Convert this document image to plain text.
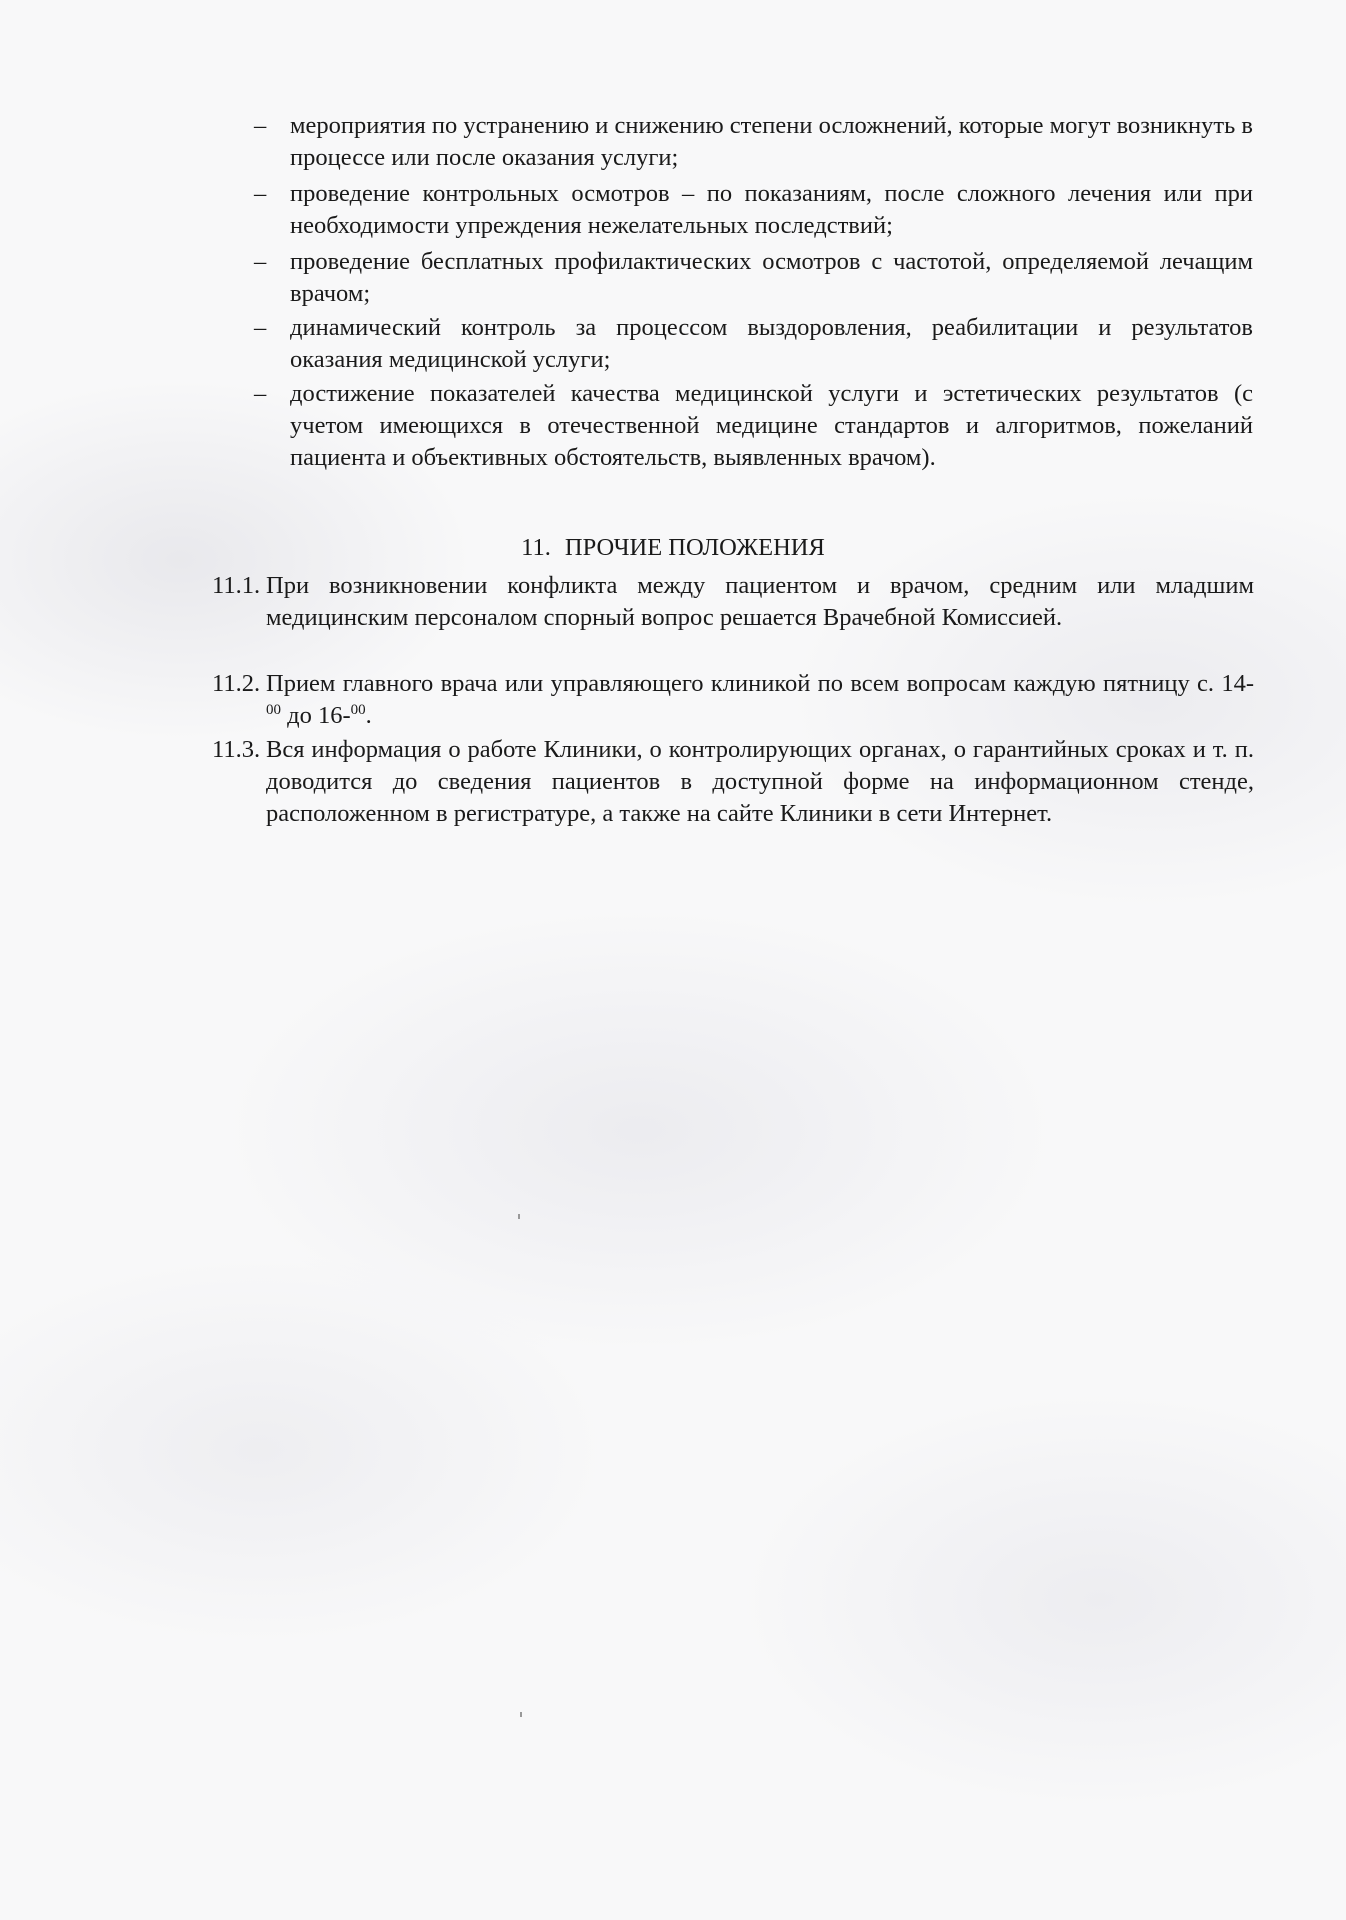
– мероприятия по устранению и снижению степени осложнений, которые могут возникнуть в процессе или после оказания услуги;
– проведение контрольных осмотров – по показаниям, после сложного лечения или при необходимости упреждения нежелательных последствий;
– проведение бесплатных профилактических осмотров с частотой, определяемой лечащим врачом;
– динамический контроль за процессом выздоровления, реабилитации и результатов оказания медицинской услуги;
– достижение показателей качества медицинской услуги и эстетических результатов (с учетом имеющихся в отечественной медицине стандартов и алгоритмов, пожеланий пациента и объективных обстоятельств, выявленных врачом).
11. ПРОЧИЕ ПОЛОЖЕНИЯ
11.1. При возникновении конфликта между пациентом и врачом, средним или младшим медицинским персоналом спорный вопрос решается Врачебной Комиссией.
11.2. Прием главного врача или управляющего клиникой по всем вопросам каждую пятницу с. 14-$^{00}$ до 16-$^{00}$.
11.3. Вся информация о работе Клиники, о контролирующих органах, о гарантийных сроках и т. п. доводится до сведения пациентов в доступной форме на информационном стенде, расположенном в регистратуре, а также на сайте Клиники в сети Интернет.
